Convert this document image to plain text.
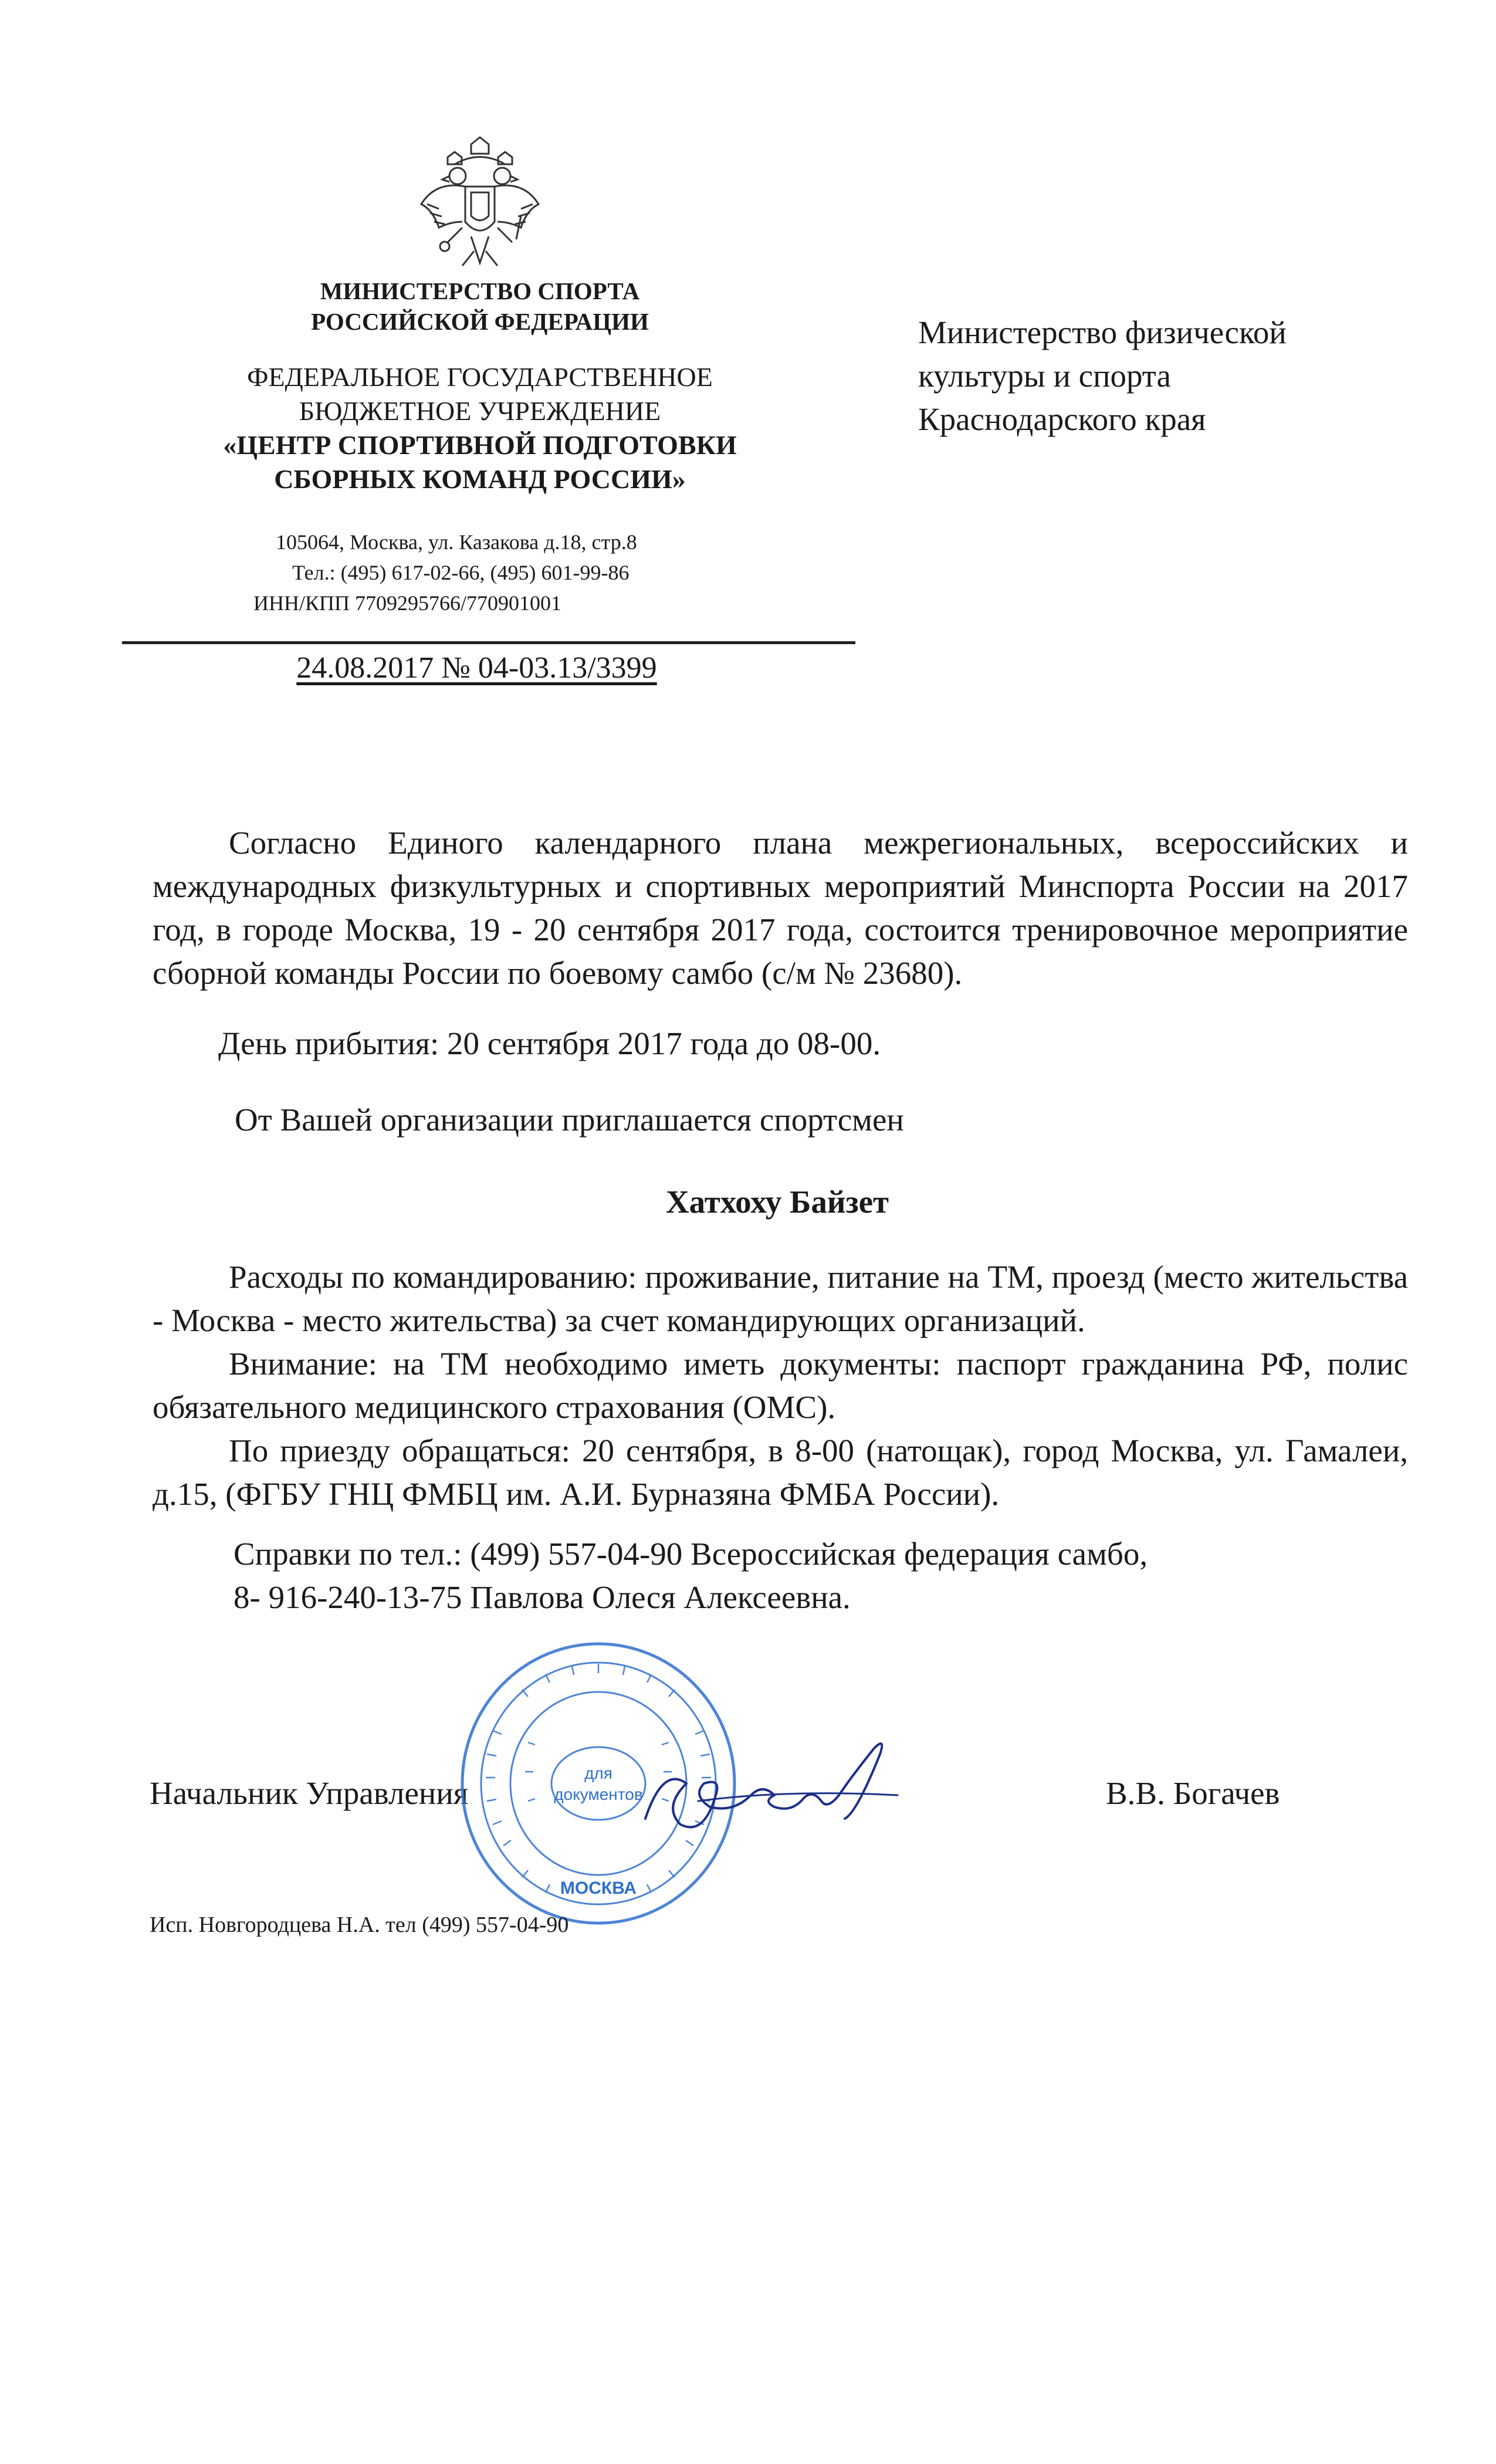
МИНИСТЕРСТВО СПОРТА
РОССИЙСКОЙ ФЕДЕРАЦИИ
ФЕДЕРАЛЬНОЕ ГОСУДАРСТВЕННОЕ
БЮДЖЕТНОЕ УЧРЕЖДЕНИЕ
«ЦЕНТР СПОРТИВНОЙ ПОДГОТОВКИ
СБОРНЫХ КОМАНД РОССИИ»
105064, Москва, ул. Казакова д.18, стр.8
Тел.: (495) 617-02-66, (495) 601-99-86
ИНН/КПП 7709295766/770901001
24.08.2017 № 04-03.13/3399
Министерство физической
культуры и спорта
Краснодарского края
Согласно Единого календарного плана межрегиональных, всероссийских и международных физкультурных и спортивных мероприятий Минспорта России на 2017 год, в городе Москва, 19 - 20 сентября 2017 года, состоится тренировочное мероприятие сборной команды России по боевому самбо (с/м № 23680).
День прибытия: 20 сентября 2017 года до 08-00.
От Вашей организации приглашается спортсмен
Хатхоху Байзет
Расходы по командированию: проживание, питание на ТМ, проезд (место жительства - Москва - место жительства) за счет командирующих организаций.
Внимание: на ТМ необходимо иметь документы: паспорт гражданина РФ, полис обязательного медицинского страхования (ОМС).
По приезду обращаться: 20 сентября, в 8-00 (натощак), город Москва, ул. Гамалеи, д.15, (ФГБУ ГНЦ ФМБЦ им. А.И. Бурназяна ФМБА России).
Справки по тел.: (499) 557-04-90 Всероссийская федерация самбо,
8- 916-240-13-75 Павлова Олеся Алексеевна.
Начальник Управления	В.В. Богачев
для
документов
МОСКВА
Исп. Новгородцева Н.А. тел (499) 557-04-90
